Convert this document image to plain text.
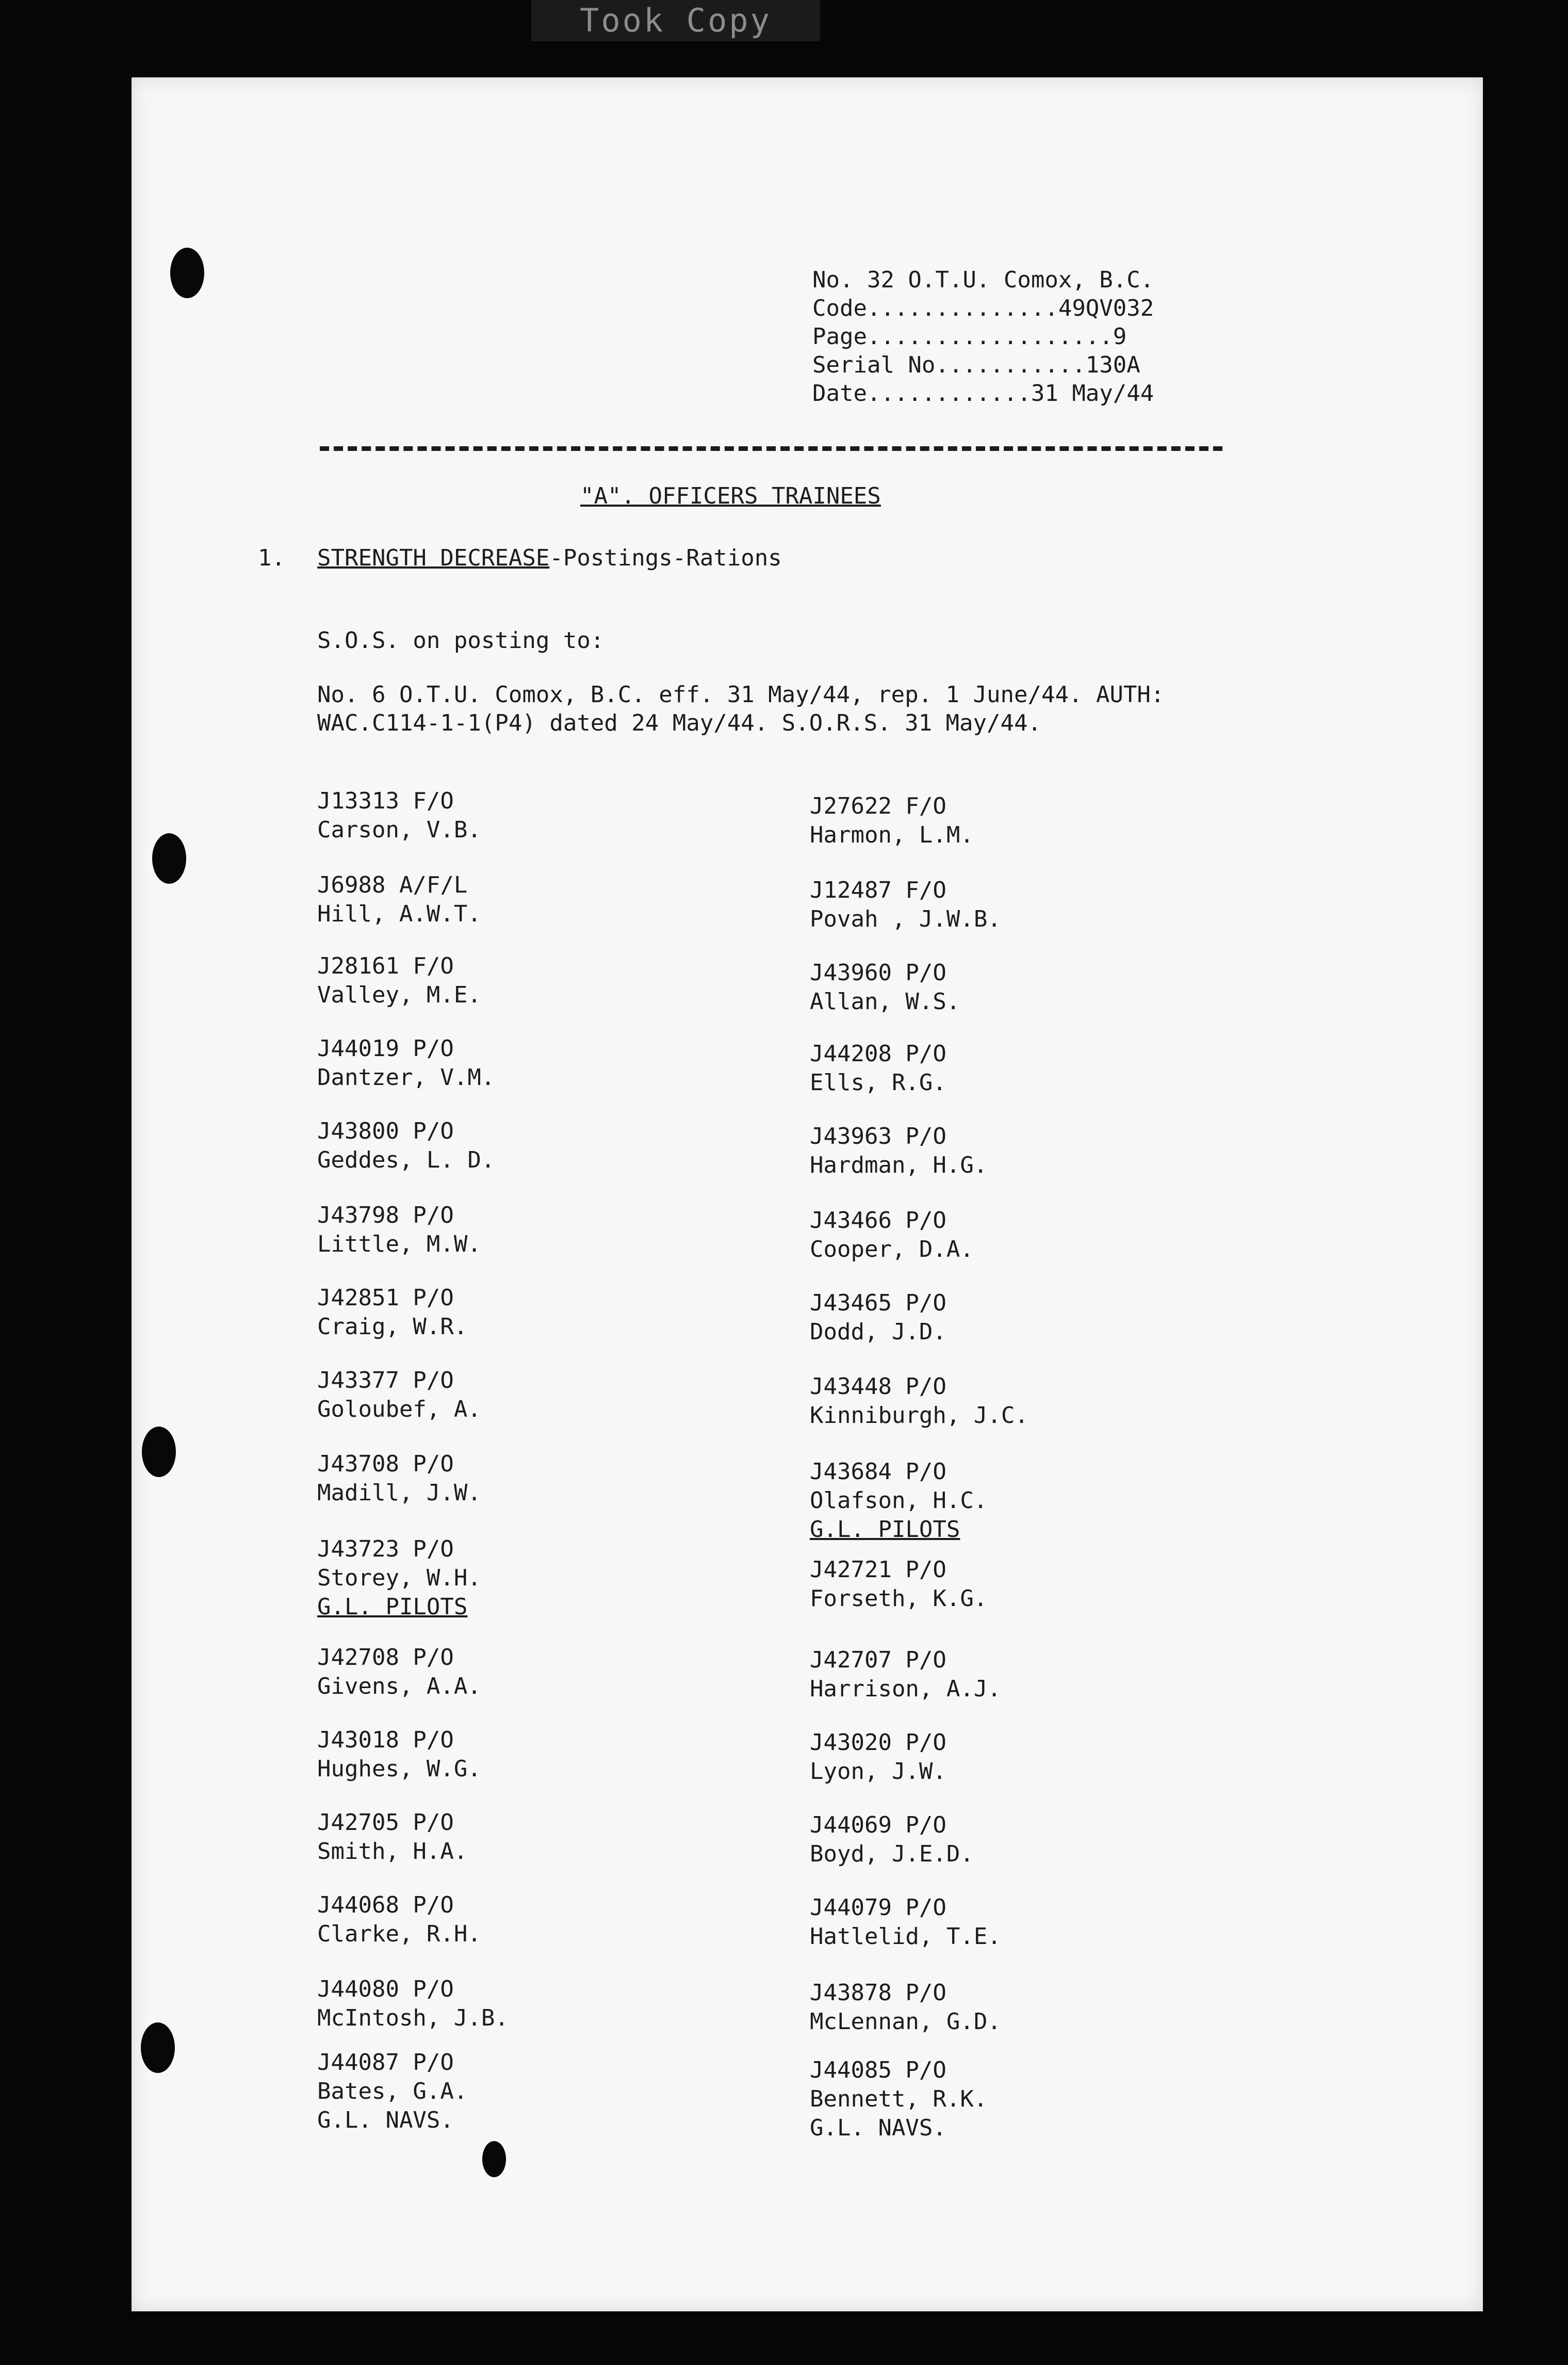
Took Copy
No. 32 O.T.U. Comox, B.C.
Code..............49QV032
Page..................9
Serial No...........130A
Date............31 May/44
"A". OFFICERS TRAINEES
1. STRENGTH DECREASE-Postings-Rations
S.O.S. on posting to:
No. 6 O.T.U. Comox, B.C. eff. 31 May/44, rep. 1 June/44. AUTH:
WAC.C114-1-1(P4) dated 24 May/44. S.O.R.S. 31 May/44.
J13313 F/O
Carson, V.B.
J6988 A/F/L
Hill, A.W.T.
J28161 F/O
Valley, M.E.
J44019 P/O
Dantzer, V.M.
J43800 P/O
Geddes, L. D.
J43798 P/O
Little, M.W.
J42851 P/O
Craig, W.R.
J43377 P/O
Goloubef, A.
J43708 P/O
Madill, J.W.
J43723 P/O
Storey, W.H.
G.L. PILOTS
J42708 P/O
Givens, A.A.
J43018 P/O
Hughes, W.G.
J42705 P/O
Smith, H.A.
J44068 P/O
Clarke, R.H.
J44080 P/O
McIntosh, J.B.
J44087 P/O
Bates, G.A.
G.L. NAVS.
J27622 F/O
Harmon, L.M.
J12487 F/O
Povah , J.W.B.
J43960 P/O
Allan, W.S.
J44208 P/O
Ells, R.G.
J43963 P/O
Hardman, H.G.
J43466 P/O
Cooper, D.A.
J43465 P/O
Dodd, J.D.
J43448 P/O
Kinniburgh, J.C.
J43684 P/O
Olafson, H.C.
G.L. PILOTS
J42721 P/O
Forseth, K.G.
J42707 P/O
Harrison, A.J.
J43020 P/O
Lyon, J.W.
J44069 P/O
Boyd, J.E.D.
J44079 P/O
Hatlelid, T.E.
J43878 P/O
McLennan, G.D.
J44085 P/O
Bennett, R.K.
G.L. NAVS.
